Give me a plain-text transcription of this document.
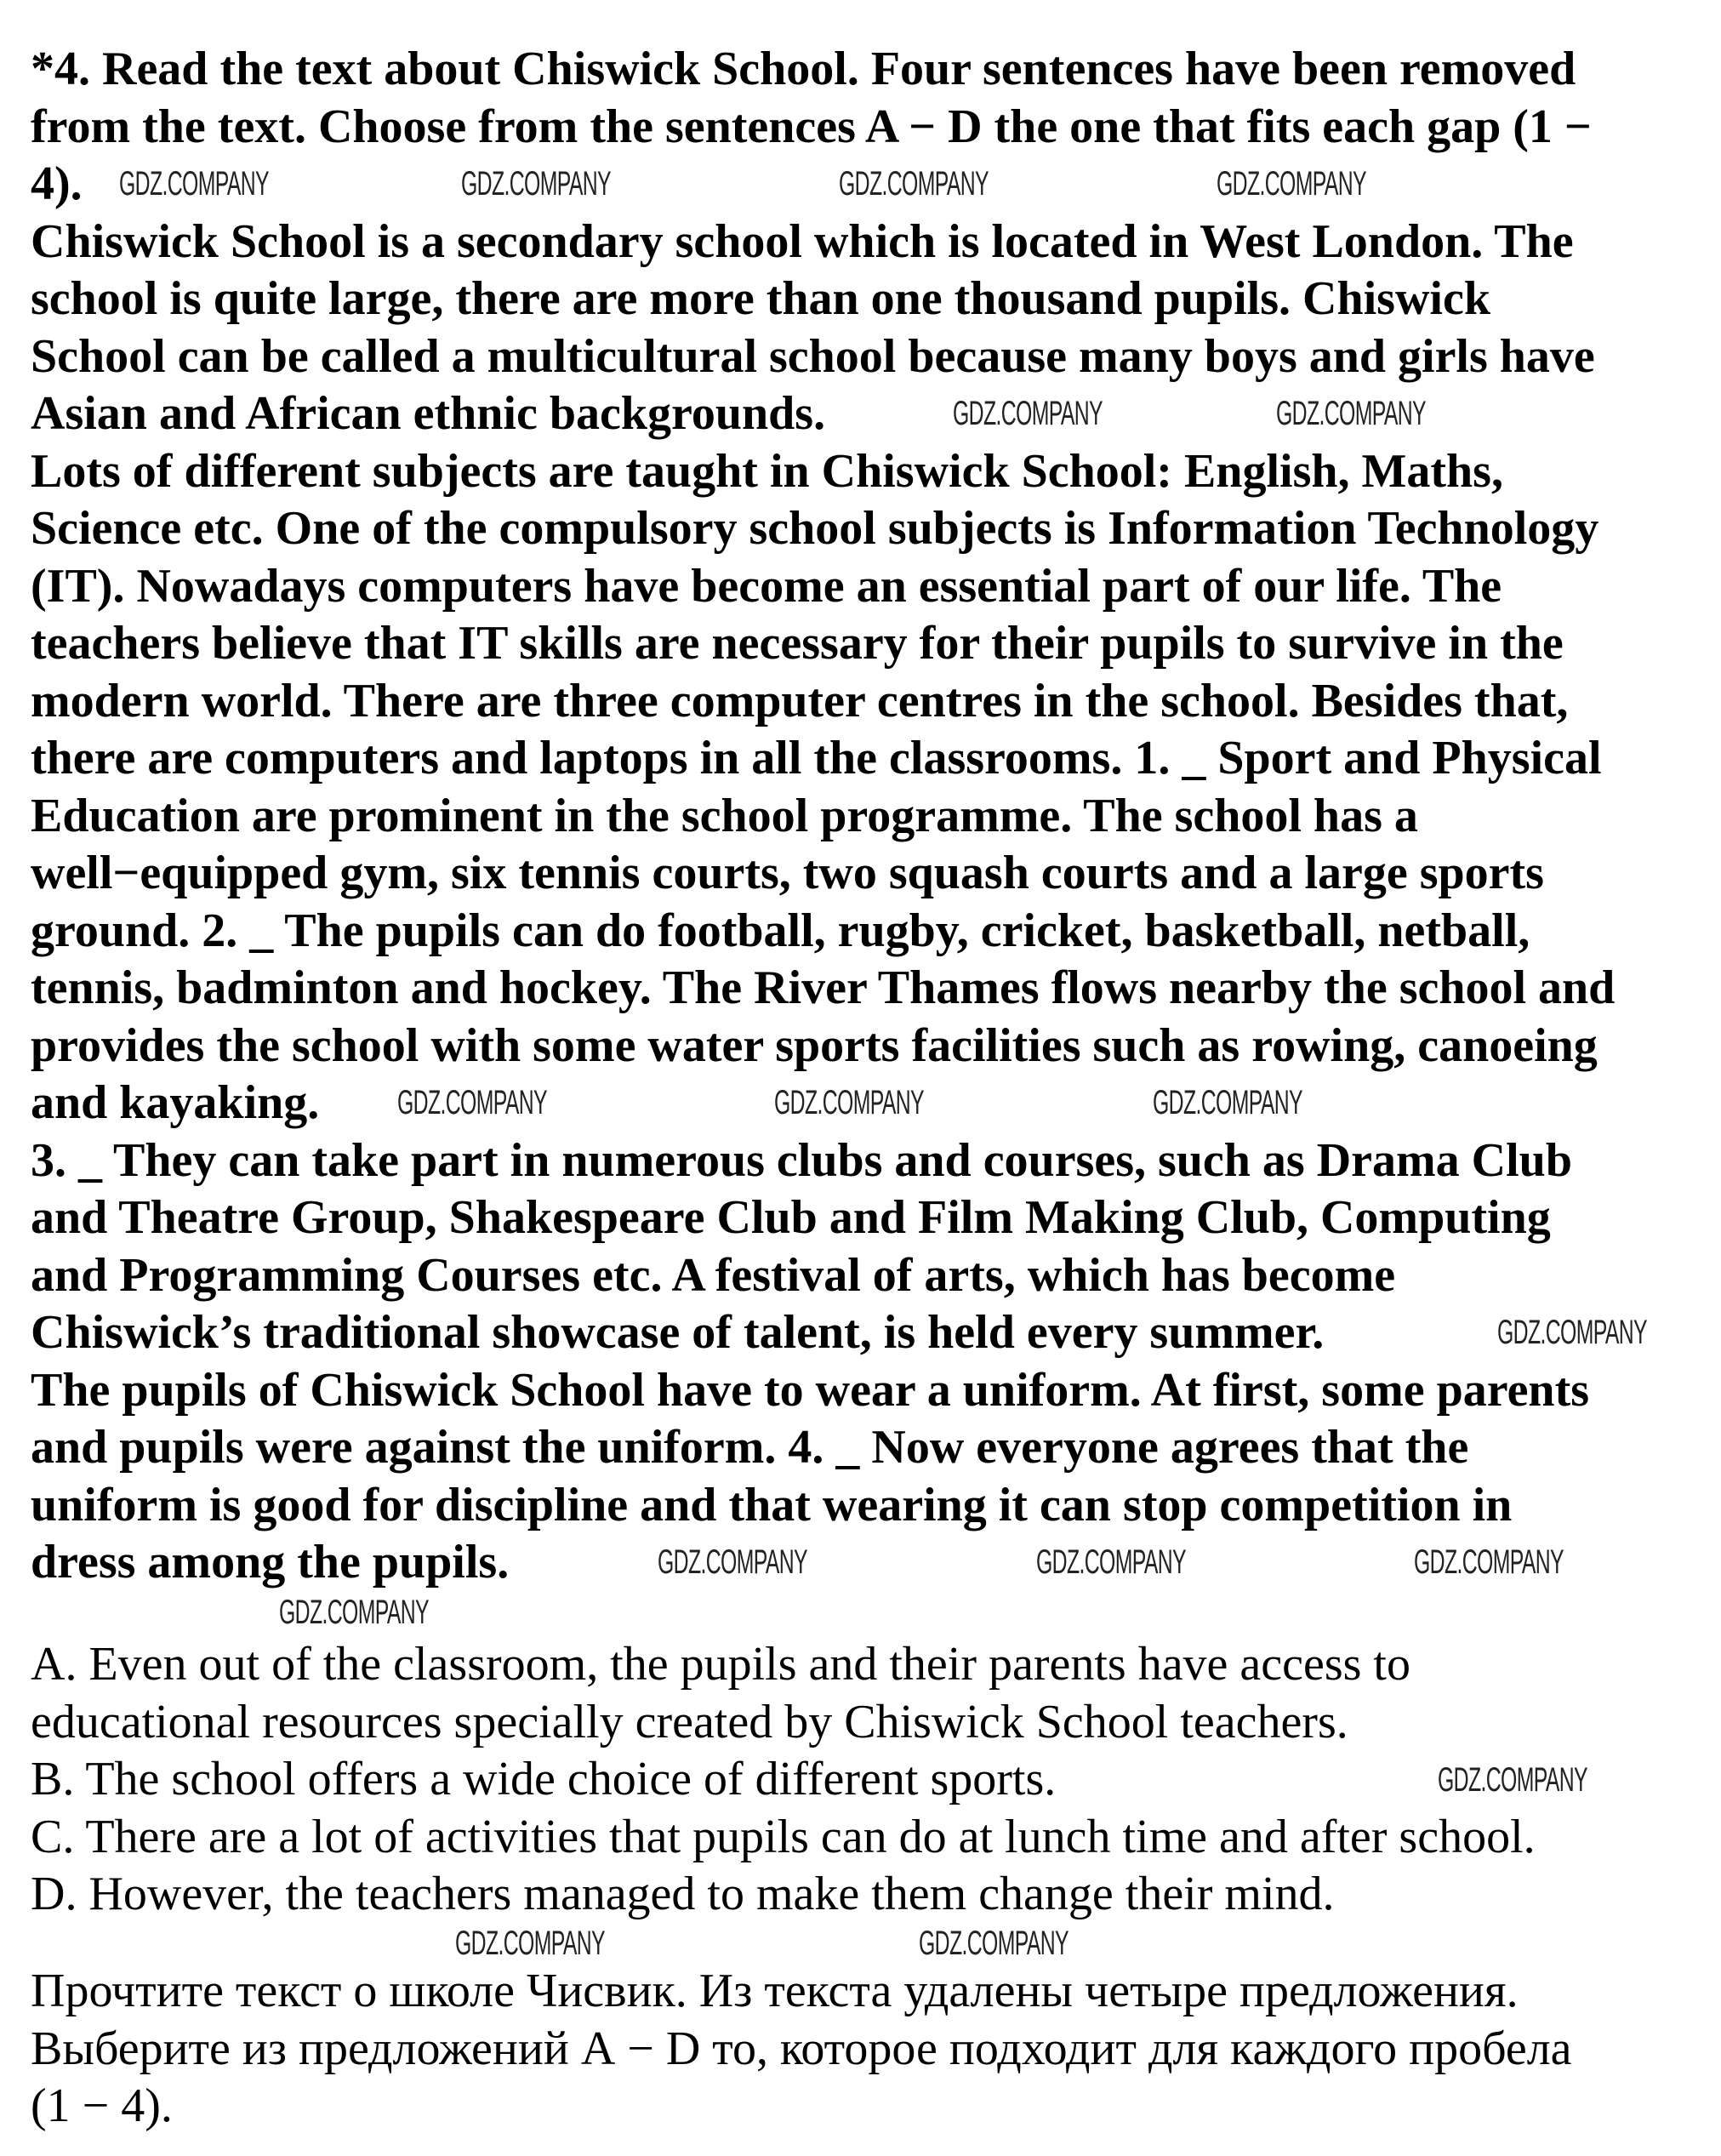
*4. Read the text about Chiswick School. Four sentences have been removed
from the text. Choose from the sentences A − D the one that fits each gap (1 −
4).
Chiswick School is a secondary school which is located in West London. The
school is quite large, there are more than one thousand pupils. Chiswick
School can be called a multicultural school because many boys and girls have
Asian and African ethnic backgrounds.
Lots of different subjects are taught in Chiswick School: English, Maths,
Science etc. One of the compulsory school subjects is Information Technology
(IT). Nowadays computers have become an essential part of our life. The
teachers believe that IT skills are necessary for their pupils to survive in the
modern world. There are three computer centres in the school. Besides that,
there are computers and laptops in all the classrooms. 1. _ Sport and Physical
Education are prominent in the school programme. The school has a
well−equipped gym, six tennis courts, two squash courts and a large sports
ground. 2. _ The pupils can do football, rugby, cricket, basketball, netball,
tennis, badminton and hockey. The River Thames flows nearby the school and
provides the school with some water sports facilities such as rowing, canoeing
and kayaking.
3. _ They can take part in numerous clubs and courses, such as Drama Club
and Theatre Group, Shakespeare Club and Film Making Club, Computing
and Programming Courses etc. A festival of arts, which has become
Chiswick’s traditional showcase of talent, is held every summer.
The pupils of Chiswick School have to wear a uniform. At first, some parents
and pupils were against the uniform. 4. _ Now everyone agrees that the
uniform is good for discipline and that wearing it can stop competition in
dress among the pupils.
A. Even out of the classroom, the pupils and their parents have access to
educational resources specially created by Chiswick School teachers.
B. The school offers a wide choice of different sports.
C. There are a lot of activities that pupils can do at lunch time and after school.
D. However, the teachers managed to make them change their mind.
Прочтите текст о школе Чисвик. Из текста удалены четыре предложения.
Выберите из предложений А − D то, которое подходит для каждого пробела
(1 − 4).
GDZ.COMPANY	GDZ.COMPANY	GDZ.COMPANY	GDZ.COMPANY
GDZ.COMPANY	GDZ.COMPANY
GDZ.COMPANY	GDZ.COMPANY	GDZ.COMPANY
GDZ.COMPANY
GDZ.COMPANY	GDZ.COMPANY	GDZ.COMPANY
GDZ.COMPANY
GDZ.COMPANY
GDZ.COMPANY	GDZ.COMPANY
